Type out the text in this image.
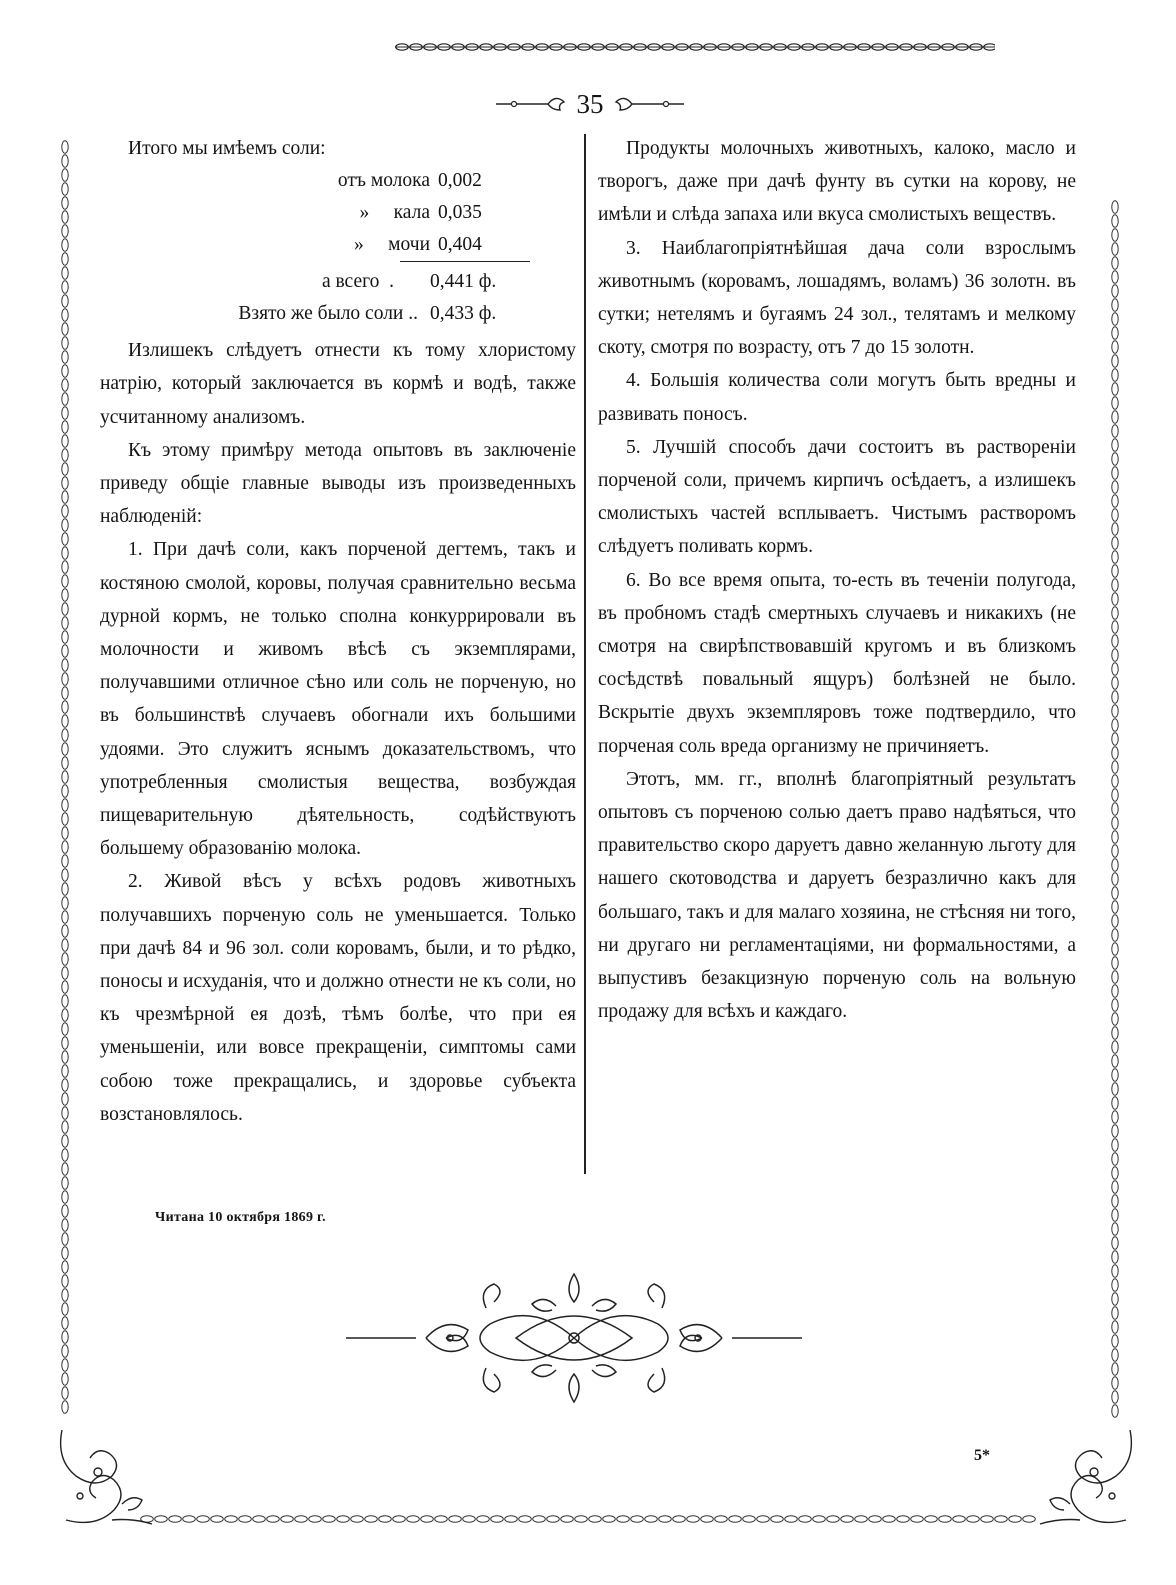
35

Итого мы имѣемъ соли:

отъ молока 0,002
»     кала 0,035
»     мочи 0,404
а всего  .	0,441 ф.
Взято же было соли .. 0,433 ф.

Излишекъ слѣдуетъ отнести къ тому хлористому натрію, который заключается въ кормѣ и водѣ, также усчитанному анализомъ.

Къ этому примѣру метода опытовъ въ заключеніе приведу общіе главные выводы изъ произведенныхъ наблюденій:

1. При дачѣ соли, какъ порченой дегтемъ, такъ и костяною смолой, коровы, получая сравнительно весьма дурной кормъ, не только сполна конкуррировали въ молочности и живомъ вѣсѣ съ экземплярами, получавшими отличное сѣно или соль не порченую, но въ большинствѣ случаевъ обогнали ихъ большими удоями. Это служитъ яснымъ доказательствомъ, что употребленныя смолистыя вещества, возбуждая пищеварительную дѣятельность, содѣйствуютъ большему образованію молока.

2. Живой вѣсъ у всѣхъ родовъ животныхъ получавшихъ порченую соль не уменьшается. Только при дачѣ 84 и 96 зол. соли коровамъ, были, и то рѣдко, поносы и исхуданія, что и должно отнести не къ соли, но къ чрезмѣрной ея дозѣ, тѣмъ болѣе, что при ея уменьшеніи, или вовсе прекращеніи, симптомы сами собою тоже прекращались, и здоровье субъекта возстановлялось.

Продукты молочныхъ животныхъ, калоко, масло и творогъ, даже при дачѣ фунту въ сутки на корову, не имѣли и слѣда запаха или вкуса смолистыхъ веществъ.

3. Наиблагопріятнѣйшая дача соли взрослымъ животнымъ (коровамъ, лошадямъ, воламъ) 36 золотн. въ сутки; нетелямъ и бугаямъ 24 зол., телятамъ и мелкому скоту, смотря по возрасту, отъ 7 до 15 золотн.

4. Большія количества соли могутъ быть вредны и развивать поносъ.

5. Лучшій способъ дачи состоитъ въ раствореніи порченой соли, причемъ кирпичъ осѣдаетъ, а излишекъ смолистыхъ частей всплываетъ. Чистымъ растворомъ слѣдуетъ поливать кормъ.

6. Во все время опыта, то-есть въ теченіи полугода, въ пробномъ стадѣ смертныхъ случаевъ и никакихъ (не смотря на свирѣпствовавшій кругомъ и въ близкомъ сосѣдствѣ повальный ящуръ) болѣзней не было. Вскрытіе двухъ экземпляровъ тоже подтвердило, что порченая соль вреда организму не причиняетъ.

Этотъ, мм. гг., вполнѣ благопріятный результатъ опытовъ съ порченою солью даетъ право надѣяться, что правительство скоро даруетъ давно желанную льготу для нашего скотоводства и даруетъ безразлично какъ для большаго, такъ и для малаго хозяина, не стѣсняя ни того, ни другаго ни регламентаціями, ни формальностями, а выпустивъ безакцизную порченую соль на вольную продажу для всѣхъ и каждаго.

Читана 10 октября 1869 г.
5*
